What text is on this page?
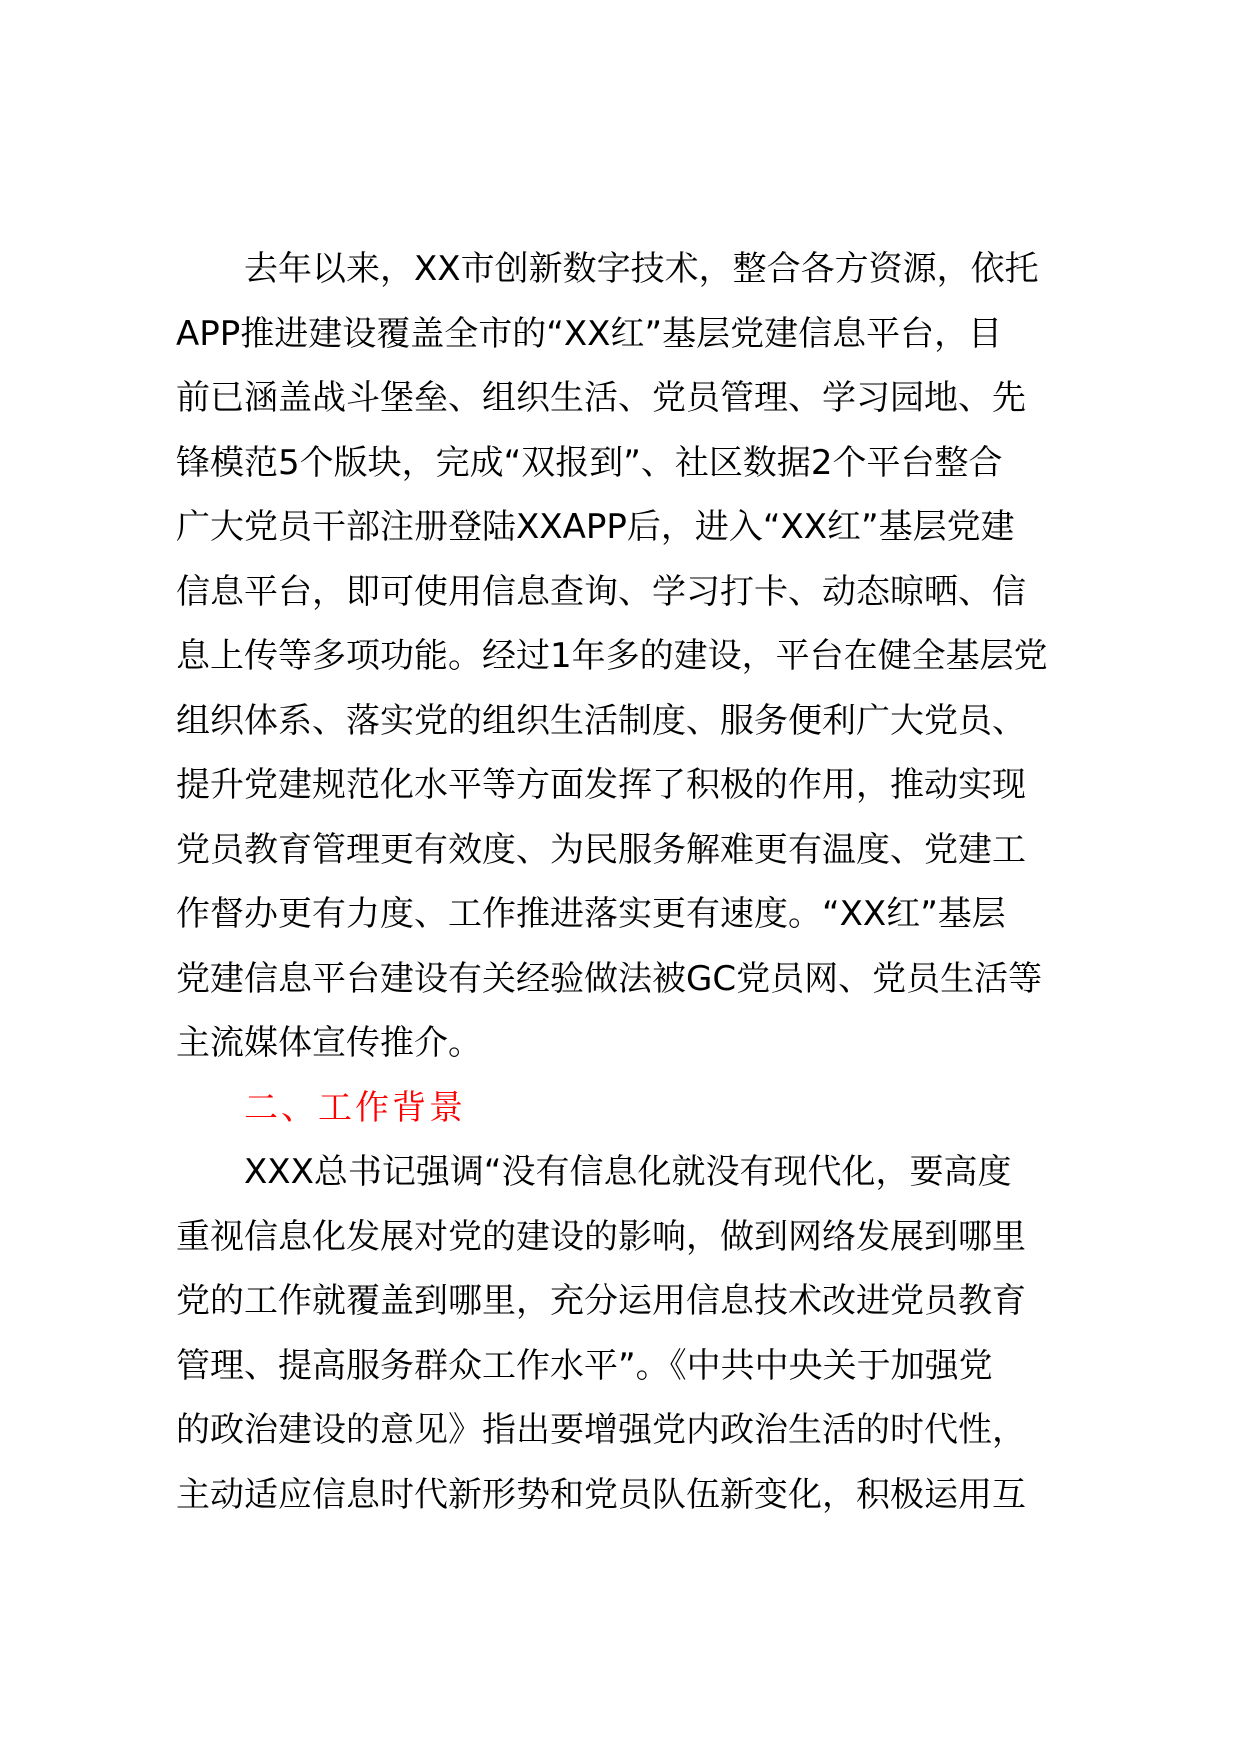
去年以来，XX市创新数字技术，整合各方资源，依托
APP推进建设覆盖全市的“XX红”基层党建信息平台，目
前已涵盖战斗堡垒、组织生活、党员管理、学习园地、先
锋模范5个版块，完成“双报到”、社区数据2个平台整合
广大党员干部注册登陆XXAPP后，进入“XX红”基层党建
信息平台，即可使用信息查询、学习打卡、动态晾晒、信
息上传等多项功能。经过1年多的建设，平台在健全基层党
组织体系、落实党的组织生活制度、服务便利广大党员、
提升党建规范化水平等方面发挥了积极的作用，推动实现
党员教育管理更有效度、为民服务解难更有温度、党建工
作督办更有力度、工作推进落实更有速度。“XX红”基层
党建信息平台建设有关经验做法被GC党员网、党员生活等
主流媒体宣传推介。
二、工作背景
XXX总书记强调“没有信息化就没有现代化，要高度
重视信息化发展对党的建设的影响，做到网络发展到哪里
党的工作就覆盖到哪里，充分运用信息技术改进党员教育
管理、提高服务群众工作水平”。《中共中央关于加强党
的政治建设的意见》指出要增强党内政治生活的时代性，
主动适应信息时代新形势和党员队伍新变化，积极运用互
